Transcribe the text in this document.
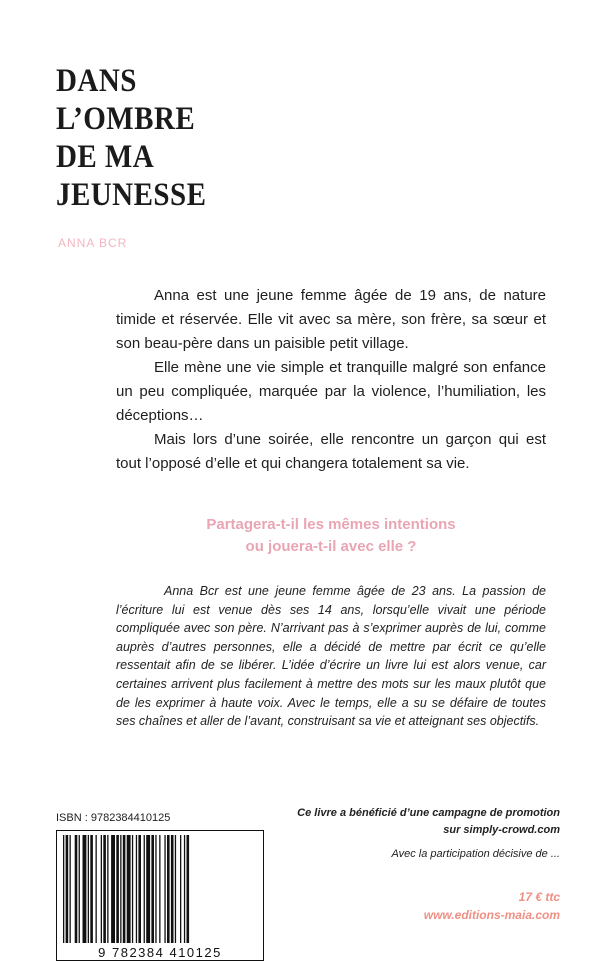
DANS
L’OMBRE
DE MA
JEUNESSE
ANNA BCR

Anna est une jeune femme âgée de 19 ans, de nature timide et réservée. Elle vit avec sa mère, son frère, sa sœur et son beau-père dans un paisible petit village.

Elle mène une vie simple et tranquille malgré son enfance un peu compliquée, marquée par la violence, l’humiliation, les déceptions…

Mais lors d’une soirée, elle rencontre un garçon qui est tout l’opposé d’elle et qui changera totalement sa vie.

Partagera-t-il les mêmes intentions
ou jouera-t-il avec elle ?

Anna Bcr est une jeune femme âgée de 23 ans. La passion de l’écriture lui est venue dès ses 14 ans, lorsqu’elle vivait une période compliquée avec son père. N’arrivant pas à s’exprimer auprès de lui, comme auprès d’autres personnes, elle a décidé de mettre par écrit ce qu’elle ressentait afin de se libérer. L’idée d’écrire un livre lui est alors venue, car certaines arrivent plus facilement à mettre des mots sur les maux plutôt que de les exprimer à haute voix. Avec le temps, elle a su se défaire de toutes ses chaînes et aller de l’avant, construisant sa vie et atteignant ses objectifs.

ISBN : 9782384410125
9 782384 410125
Ce livre a bénéficié d’une campagne de promotion
sur simply-crowd.com
Avec la participation décisive de ...
17 € ttc
www.editions-maia.com
